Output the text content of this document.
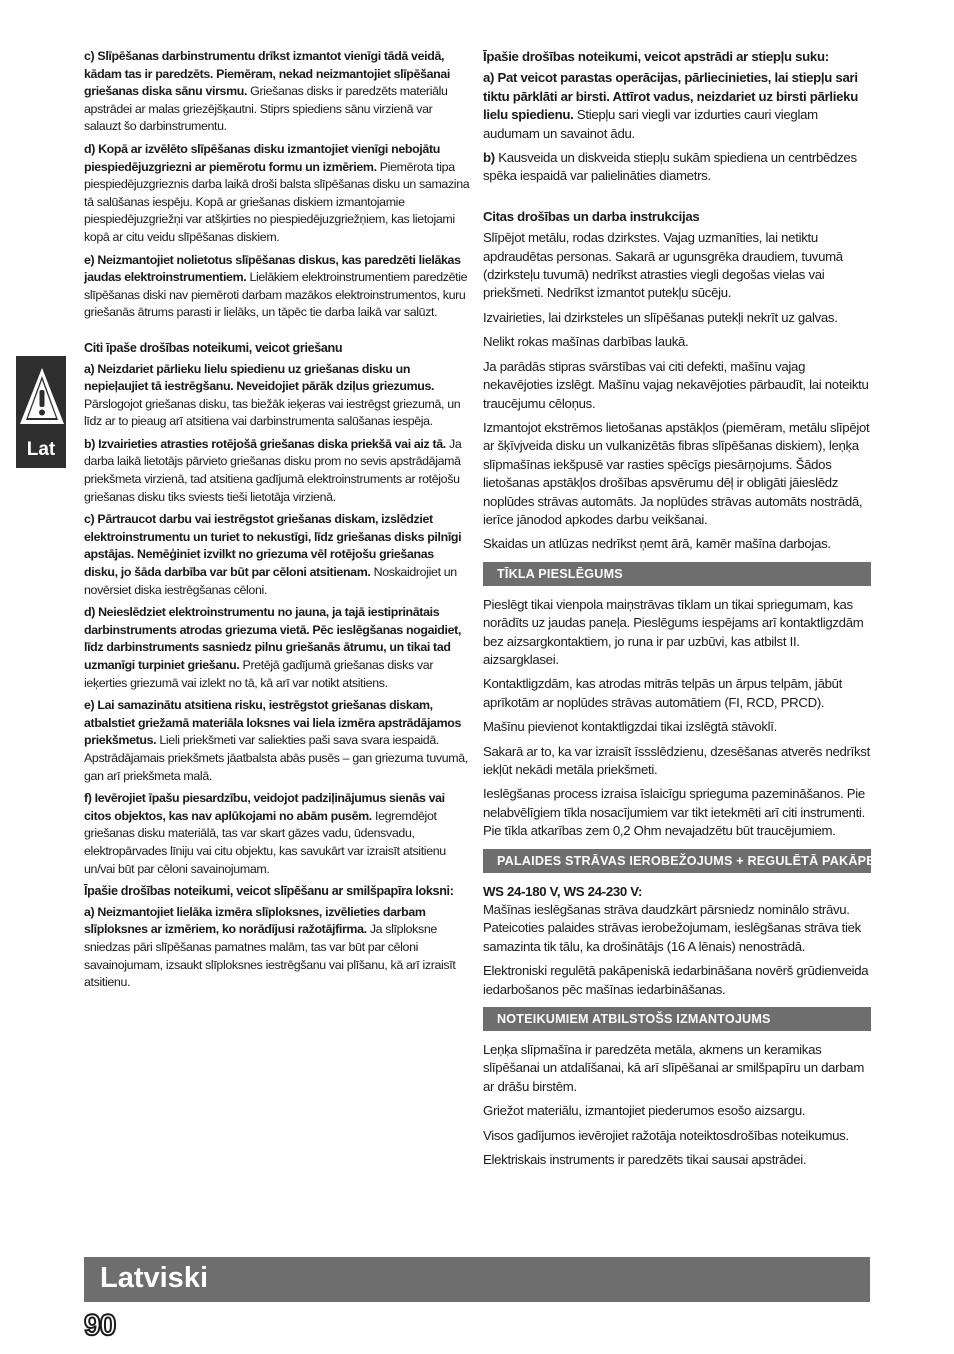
Lat

c) Slīpēšanas darbinstrumentu drīkst izmantot vienīgi tādā veidā, kādam tas ir paredzēts. Piemēram, nekad neizmantojiet slīpēšanai griešanas diska sānu virsmu. Griešanas disks ir paredzēts materiālu apstrādei ar malas griezējšķautni. Stiprs spiediens sānu virzienā var salauzt šo darbinstrumentu.

d) Kopā ar izvēlēto slīpēšanas disku izmantojiet vienīgi nebojātu piespiedējuzgriezni ar piemērotu formu un izmēriem. Piemērota tipa piespiedējuzgrieznis darba laikā droši balsta slīpēšanas disku un samazina tā salūšanas iespēju. Kopā ar griešanas diskiem izmantojamie piespiedējuzgriežņi var atšķirties no piespiedējuzgriežņiem, kas lietojami kopā ar citu veidu slīpēšanas diskiem.

e) Neizmantojiet nolietotus slīpēšanas diskus, kas paredzēti lielākas jaudas elektroinstrumentiem. Lielākiem elektroinstrumentiem paredzētie slīpēšanas diski nav piemēroti darbam mazākos elektroinstrumentos, kuru griešanās ātrums parasti ir lielāks, un tāpēc tie darba laikā var salūzt.

Citi īpaše drošības noteikumi, veicot griešanu

a) Neizdariet pārlieku lielu spiedienu uz griešanas disku un nepieļaujiet tā iestrēgšanu. Neveidojiet pārāk dziļus griezumus. Pārslogojot griešanas disku, tas biežāk ieķeras vai iestrēgst griezumā, un līdz ar to pieaug arī atsitiena vai darbinstrumenta salūšanas iespēja.

b) Izvairieties atrasties rotējošā griešanas diska priekšā vai aiz tā. Ja darba laikā lietotājs pārvieto griešanas disku prom no sevis apstrādājamā priekšmeta virzienā, tad atsitiena gadījumā elektroinstruments ar rotējošu griešanas disku tiks sviests tieši lietotāja virzienā.

c) Pārtraucot darbu vai iestrēgstot griešanas diskam, izslēdziet elektroinstrumentu un turiet to nekustīgi, līdz griešanas disks pilnīgi apstājas. Nemēģiniet izvilkt no griezuma vēl rotējošu griešanas disku, jo šāda darbība var būt par cēloni atsitienam. Noskaidrojiet un novērsiet diska iestrēgšanas cēloni.

d) Neieslēdziet elektroinstrumentu no jauna, ja tajā iestiprinātais darbinstruments atrodas griezuma vietā. Pēc ieslēgšanas nogaidiet, līdz darbinstruments sasniedz pilnu griešanās ātrumu, un tikai tad uzmanīgi turpiniet griešanu. Pretējā gadījumā griešanas disks var ieķerties griezumā vai izlekt no tā, kā arī var notikt atsitiens.

e) Lai samazinātu atsitiena risku, iestrēgstot griešanas diskam, atbalstiet griežamā materiāla loksnes vai liela izmēra apstrādājamos priekšmetus. Lieli priekšmeti var saliekties paši sava svara iespaidā. Apstrādājamais priekšmets jāatbalsta abās pusēs – gan griezuma tuvumā, gan arī priekšmeta malā.

f) Ievērojiet īpašu piesardzību, veidojot padziļinājumus sienās vai citos objektos, kas nav aplūkojami no abām pusēm. Iegremdējot griešanas disku materiālā, tas var skart gāzes vadu, ūdensvadu, elektropārvades līniju vai citu objektu, kas savukārt var izraisīt atsitienu un/vai būt par cēloni savainojumam.

Īpašie drošības noteikumi, veicot slīpēšanu ar smilšpapīra loksni:

a) Neizmantojiet lielāka izmēra slīploksnes, izvēlieties darbam slīploksnes ar izmēriem, ko norādījusi ražotājfirma. Ja slīploksne sniedzas pāri slīpēšanas pamatnes malām, tas var būt par cēloni savainojumam, izsaukt slīploksnes iestrēgšanu vai plīšanu, kā arī izraisīt atsitienu.

Īpašie drošības noteikumi, veicot apstrādi ar stiepļu suku:

a) Pat veicot parastas operācijas, pārliecinieties, lai stiepļu sari tiktu pārklāti ar birsti. Attīrot vadus, neizdariet uz birsti pārlieku lielu spiedienu. Stiepļu sari viegli var izdurties cauri vieglam audumam un savainot ādu.

b) Kausveida un diskveida stiepļu sukām spiediena un centrbēdzes spēka iespaidā var palielināties diametrs.

Citas drošības un darba instrukcijas

Slīpējot metālu, rodas dzirkstes. Vajag uzmanīties, lai netiktu apdraudētas personas. Sakarā ar ugunsgrēka draudiem, tuvumā (dzirksteļu tuvumā) nedrīkst atrasties viegli degošas vielas vai priekšmeti. Nedrīkst izmantot putekļu sūcēju.

Izvairieties, lai dzirksteles un slīpēšanas putekļi nekrīt uz galvas.

Nelikt rokas mašīnas darbības laukā.

Ja parādās stipras svārstības vai citi defekti, mašīnu vajag nekavējoties izslēgt. Mašīnu vajag nekavējoties pārbaudīt, lai noteiktu traucējumu cēloņus.

Izmantojot ekstrēmos lietošanas apstākļos (piemēram, metālu slīpējot ar šķīvjveida disku un vulkanizētās fibras slīpēšanas diskiem), leņķa slīpmašīnas iekšpusē var rasties spēcīgs piesārņojums. Šādos lietošanas apstākļos drošības apsvērumu dēļ ir obligāti jāieslēdz noplūdes strāvas automāts. Ja noplūdes strāvas automāts nostrādā, ierīce jānodod apkodes darbu veikšanai.

Skaidas un atlūzas nedrīkst ņemt ārā, kamēr mašīna darbojas.

TĪKLA PIESLĒGUMS

Pieslēgt tikai vienpola maiņstrāvas tīklam un tikai spriegumam, kas norādīts uz jaudas paneļa. Pieslēgums iespējams arī kontaktligzdām bez aizsargkontaktiem, jo runa ir par uzbūvi, kas atbilst II. aizsargklasei.

Kontaktligzdām, kas atrodas mitrās telpās un ārpus telpām, jābūt aprīkotām ar noplūdes strāvas automātiem (FI, RCD, PRCD).

Mašīnu pievienot kontaktligzdai tikai izslēgtā stāvoklī.

Sakarā ar to, ka var izraisīt īssslēdzienu, dzesēšanas atverēs nedrīkst iekļūt nekādi metāla priekšmeti.

Ieslēgšanas process izraisa īslaicīgu sprieguma pazemināšanos. Pie nelabvēlīgiem tīkla nosacījumiem var tikt ietekmēti arī citi instrumenti. Pie tīkla atkarības zem 0,2 Ohm nevajadzētu būt traucējumiem.

PALAIDES STRĀVAS IEROBEŽOJUMS + REGULĒTĀ PAKĀPENISKĀ

WS 24-180 V, WS 24-230 V:

Mašīnas ieslēgšanas strāva daudzkārt pārsniedz nominālo strāvu. Pateicoties palaides strāvas ierobežojumam, ieslēgšanas strāva tiek samazinta tik tālu, ka drošinātājs (16 A lēnais) nenostrādā.

Elektroniski regulētā pakāpeniskā iedarbināšana novērš grūdienveida iedarbošanos pēc mašīnas iedarbināšanas.

NOTEIKUMIEM ATBILSTOŠS IZMANTOJUMS

Leņķa slīpmašīna ir paredzēta metāla, akmens un keramikas slīpēšanai un atdalīšanai, kā arī slīpēšanai ar smilšpapīru un darbam ar drāšu birstēm.

Griežot materiālu, izmantojiet piederumos esošo aizsargu.

Visos gadījumos ievērojiet ražotāja noteiktosdrošības noteikumus.

Elektriskais instruments ir paredzēts tikai sausai apstrādei.

Latviski
90
